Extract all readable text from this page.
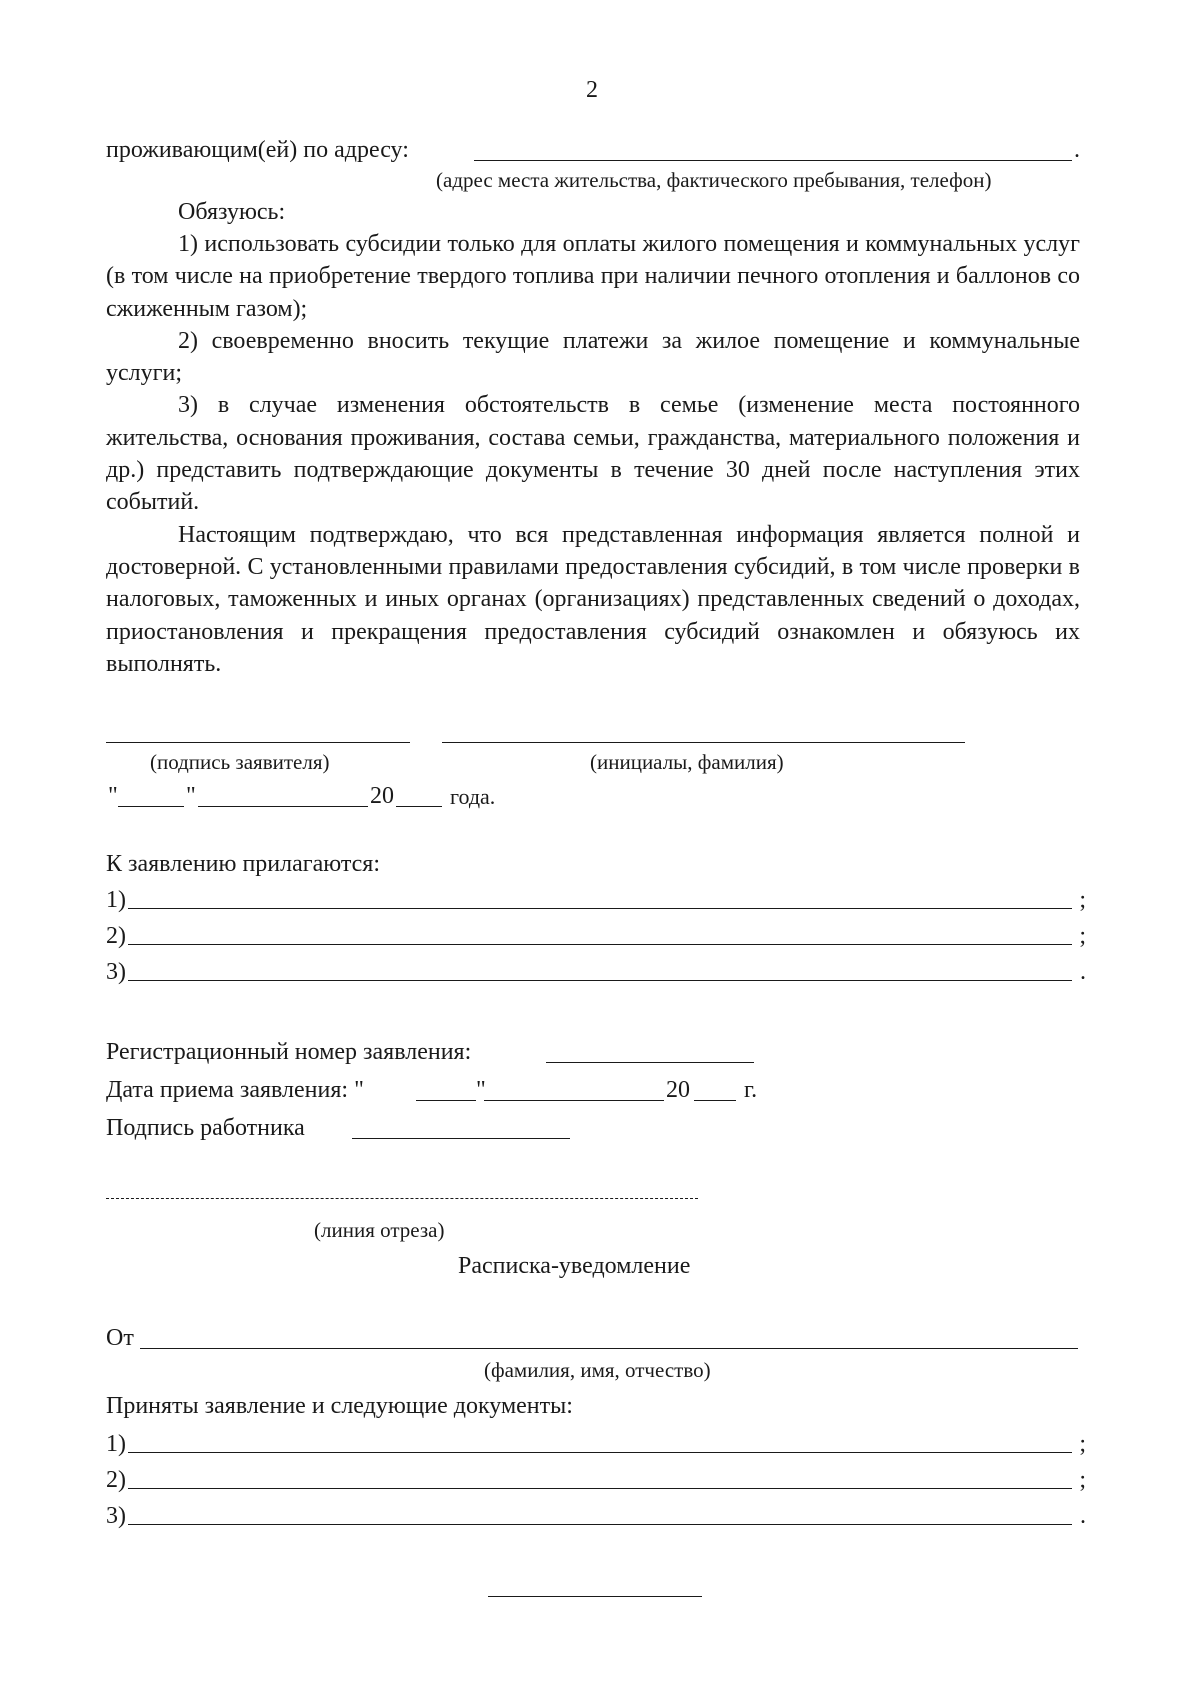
2
проживающим(ей) по адресу:	.
(адрес места жительства, фактического пребывания, телефон)
Обязуюсь:

1) использовать субсидии только для оплаты жилого помещения и коммунальных услуг (в том числе на приобретение твердого топлива при наличии печного отопления и баллонов со сжиженным газом);

2) своевременно вносить текущие платежи за жилое помещение и коммунальные услуги;

3) в случае изменения обстоятельств в семье (изменение места постоянного жительства, основания проживания, состава семьи, гражданства, материального положения и др.) представить подтверждающие документы в течение 30 дней после наступления этих событий.

Настоящим подтверждаю, что вся представленная информация является полной и достоверной. С установленными правилами предоставления субсидий, в том числе проверки в налоговых, таможенных и иных органах (организациях) представленных сведений о доходах, приостановления и прекращения предоставления субсидий ознакомлен и обязуюсь их выполнять.

(подпись заявителя)	(инициалы, фамилия)
"	"	20	года.
К заявлению прилагаются:
1)	;
2)	;
3)	.
Регистрационный номер заявления:
Дата приема заявления: "	"	20 г.
Подпись работника
(линия отреза)
Расписка-уведомление
От
(фамилия, имя, отчество)
Приняты заявление и следующие документы:
1)	;
2)	;
3)	.
